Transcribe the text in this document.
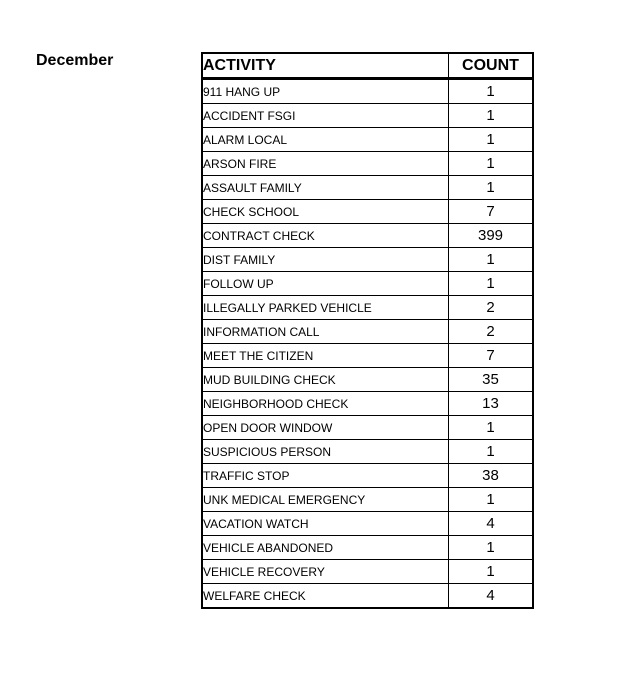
December	ACTIVITY	COUNT
911 HANG UP	1
ACCIDENT FSGI	1
ALARM LOCAL	1
ARSON FIRE	1
ASSAULT FAMILY	1
CHECK SCHOOL	7
CONTRACT CHECK	399
DIST FAMILY	1
FOLLOW UP	1
ILLEGALLY PARKED VEHICLE	2
INFORMATION CALL	2
MEET THE CITIZEN	7
MUD BUILDING CHECK	35
NEIGHBORHOOD CHECK	13
OPEN DOOR WINDOW	1
SUSPICIOUS PERSON	1
TRAFFIC STOP	38
UNK MEDICAL EMERGENCY	1
VACATION WATCH	4
VEHICLE ABANDONED	1
VEHICLE RECOVERY	1
WELFARE CHECK	4
